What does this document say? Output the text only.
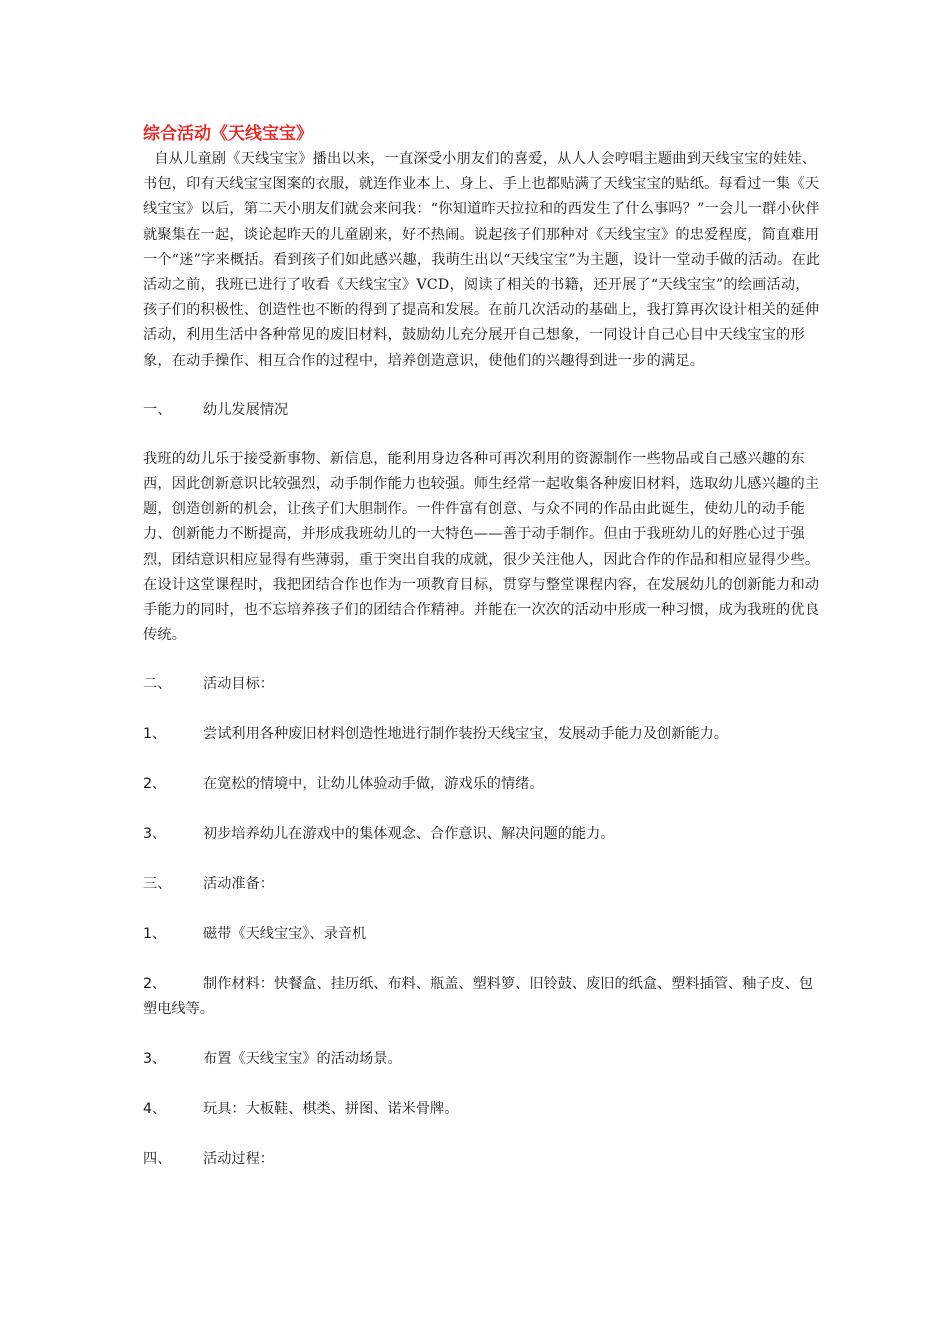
综合活动《天线宝宝》

自从儿童剧《天线宝宝》播出以来，一直深受小朋友们的喜爱，从人人会哼唱主题曲到天线宝宝的娃娃、书包，印有天线宝宝图案的衣服，就连作业本上、身上、手上也都贴满了天线宝宝的贴纸。每看过一集《天线宝宝》以后，第二天小朋友们就会来问我：“你知道昨天拉拉和的西发生了什么事吗？”一会儿一群小伙伴就聚集在一起，谈论起昨天的儿童剧来，好不热闹。说起孩子们那种对《天线宝宝》的忠爱程度，简直难用一个“迷”字来概括。看到孩子们如此感兴趣，我萌生出以“天线宝宝”为主题，设计一堂动手做的活动。在此活动之前，我班已进行了收看《天线宝宝》VCD，阅读了相关的书籍，还开展了“天线宝宝”的绘画活动，孩子们的积极性、创造性也不断的得到了提高和发展。在前几次活动的基础上，我打算再次设计相关的延伸活动，利用生活中各种常见的废旧材料，鼓励幼儿充分展开自己想象，一同设计自己心目中天线宝宝的形象，在动手操作、相互合作的过程中，培养创造意识，使他们的兴趣得到进一步的满足。

一、	幼儿发展情况

我班的幼儿乐于接受新事物、新信息，能利用身边各种可再次利用的资源制作一些物品或自己感兴趣的东西，因此创新意识比较强烈，动手制作能力也较强。师生经常一起收集各种废旧材料，选取幼儿感兴趣的主题，创造创新的机会，让孩子们大胆制作。一件件富有创意、与众不同的作品由此诞生，使幼儿的动手能力、创新能力不断提高，并形成我班幼儿的一大特色——善于动手制作。但由于我班幼儿的好胜心过于强烈，团结意识相应显得有些薄弱，重于突出自我的成就，很少关注他人，因此合作的作品和相应显得少些。在设计这堂课程时，我把团结合作也作为一项教育目标，贯穿与整堂课程内容，在发展幼儿的创新能力和动手能力的同时，也不忘培养孩子们的团结合作精神。并能在一次次的活动中形成一种习惯，成为我班的优良传统。

二、	活动目标：
1、	尝试利用各种废旧材料创造性地进行制作装扮天线宝宝，发展动手能力及创新能力。
2、	在宽松的情境中，让幼儿体验动手做，游戏乐的情绪。
3、	初步培养幼儿在游戏中的集体观念、合作意识、解决问题的能力。
三、	活动准备：
1、	磁带《天线宝宝》、录音机
2、	制作材料：快餐盒、挂历纸、布料、瓶盖、塑料箩、旧铃鼓、废旧的纸盒、塑料插管、釉子皮、包塑电线等。
3、	布置《天线宝宝》的活动场景。
4、	玩具：大板鞋、棋类、拼图、诺米骨牌。
四、	活动过程：
